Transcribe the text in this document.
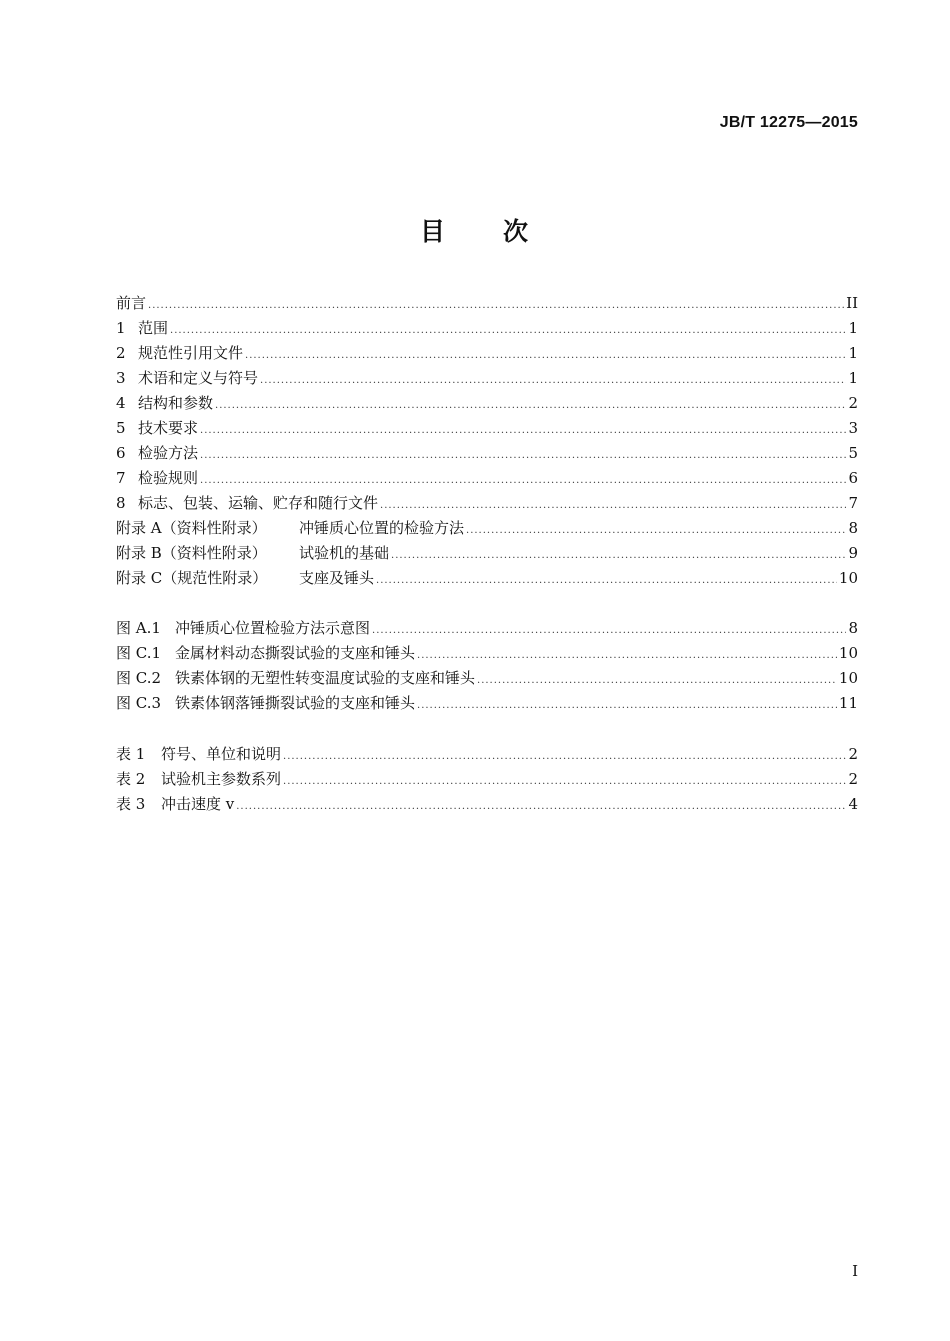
JB/T 12275—2015
目 次
前言 .....	II
1 范围 .....	1
2 规范性引用文件 .....	1
3 术语和定义与符号 .....	1
4 结构和参数 .....	2
5 技术要求 .....	3
6 检验方法 .....	5
7 检验规则 .....	6
8 标志、包装、运输、贮存和随行文件 .....	7
附录 A（资料性附录） 冲锤质心位置的检验方法 .....	8
附录 B（资料性附录） 试验机的基础 .....	9
附录 C（规范性附录） 支座及锤头 .....	10
图 A.1 冲锤质心位置检验方法示意图 .....	8
图 C.1 金属材料动态撕裂试验的支座和锤头 .....	10
图 C.2 铁素体钢的无塑性转变温度试验的支座和锤头 .....	10
图 C.3 铁素体钢落锤撕裂试验的支座和锤头 .....	11
表 1 符号、单位和说明 .....	2
表 2 试验机主参数系列 .....	2
表 3 冲击速度 v .....	4
I
